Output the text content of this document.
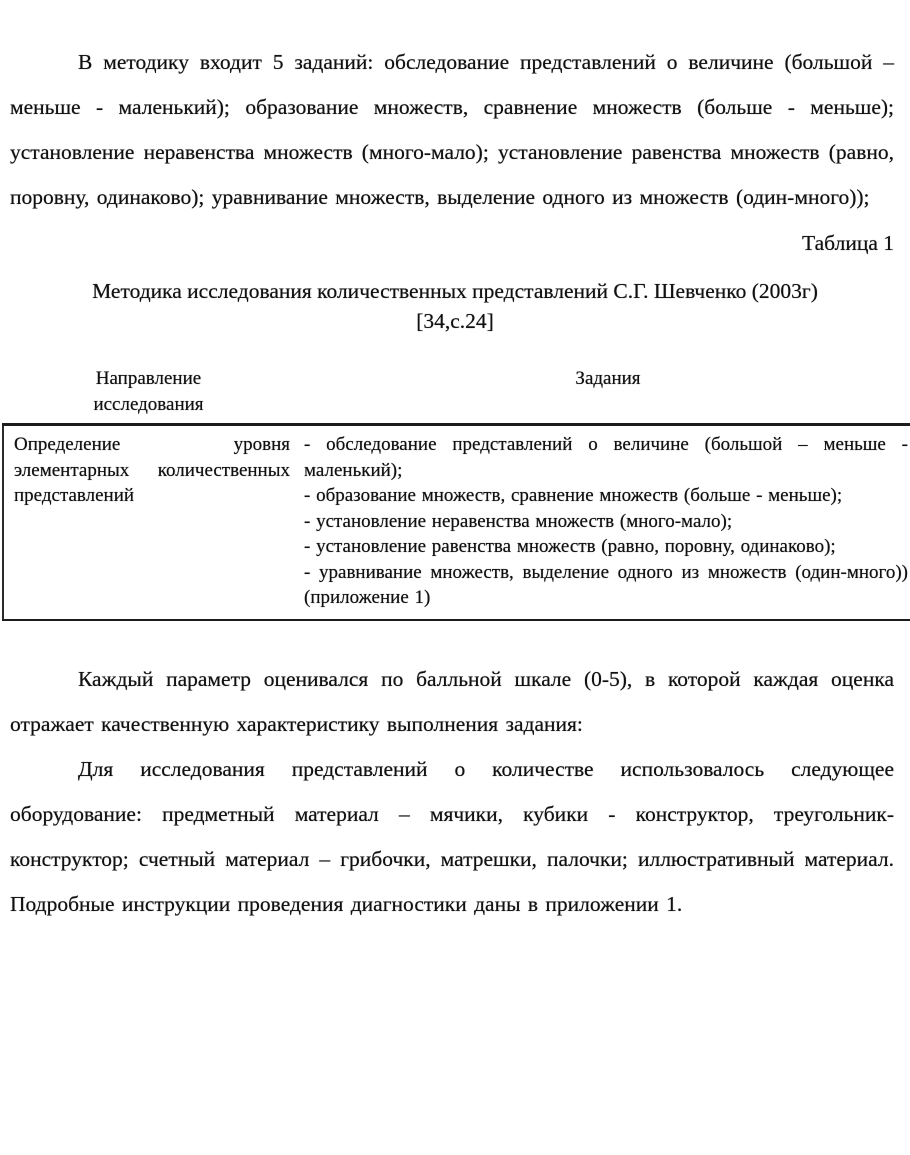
В методику входит 5 заданий: обследование представлений о величине (большой – меньше - маленький); образование множеств, сравнение множеств (больше - меньше); установление неравенства множеств (много-мало); установление равенства множеств (равно, поровну, одинаково); уравнивание множеств, выделение одного из множеств (один-много));

Таблица 1
Методика исследования количественных представлений С.Г. Шевченко (2003г) [34,с.24]
Направление исследования	Задания
Определение уровня элементарных количественных представлений	- обследование представлений о величине (большой – меньше - маленький);
- образование множеств, сравнение множеств (больше - меньше);
- установление неравенства множеств (много-мало);
- установление равенства множеств (равно, поровну, одинаково);
- уравнивание множеств, выделение одного из множеств (один-много)) (приложение 1)

Каждый параметр оценивался по балльной шкале (0-5), в которой каждая оценка отражает качественную характеристику выполнения задания:

Для исследования представлений о количестве использовалось следующее оборудование: предметный материал – мячики, кубики - конструктор, треугольник-конструктор; счетный материал – грибочки, матрешки, палочки; иллюстративный материал. Подробные инструкции проведения диагностики даны в приложении 1.
